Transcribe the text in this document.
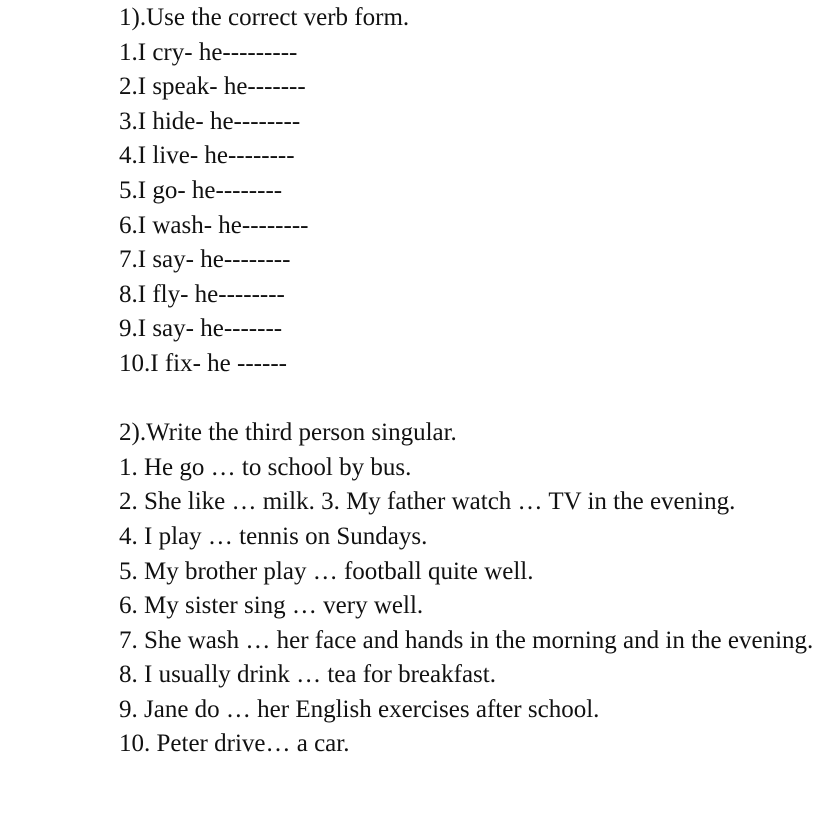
1).Use the correct verb form.
1.I cry- he---------
2.I speak- he-------
3.I hide- he--------
4.I live- he--------
5.I go- he--------
6.I wash- he--------
7.I say- he--------
8.I fly- he--------
9.I say- he-------
10.I fix- he ------
2).Write the third person singular.
1. He go … to school by bus.
2. She like … milk. 3. My father watch … TV in the evening.
4. I play … tennis on Sundays.
5. My brother play … football quite well.
6. My sister sing … very well.
7. She wash … her face and hands in the morning and in the evening.
8. I usually drink … tea for breakfast.
9. Jane do … her English exercises after school.
10. Peter drive… a car.
